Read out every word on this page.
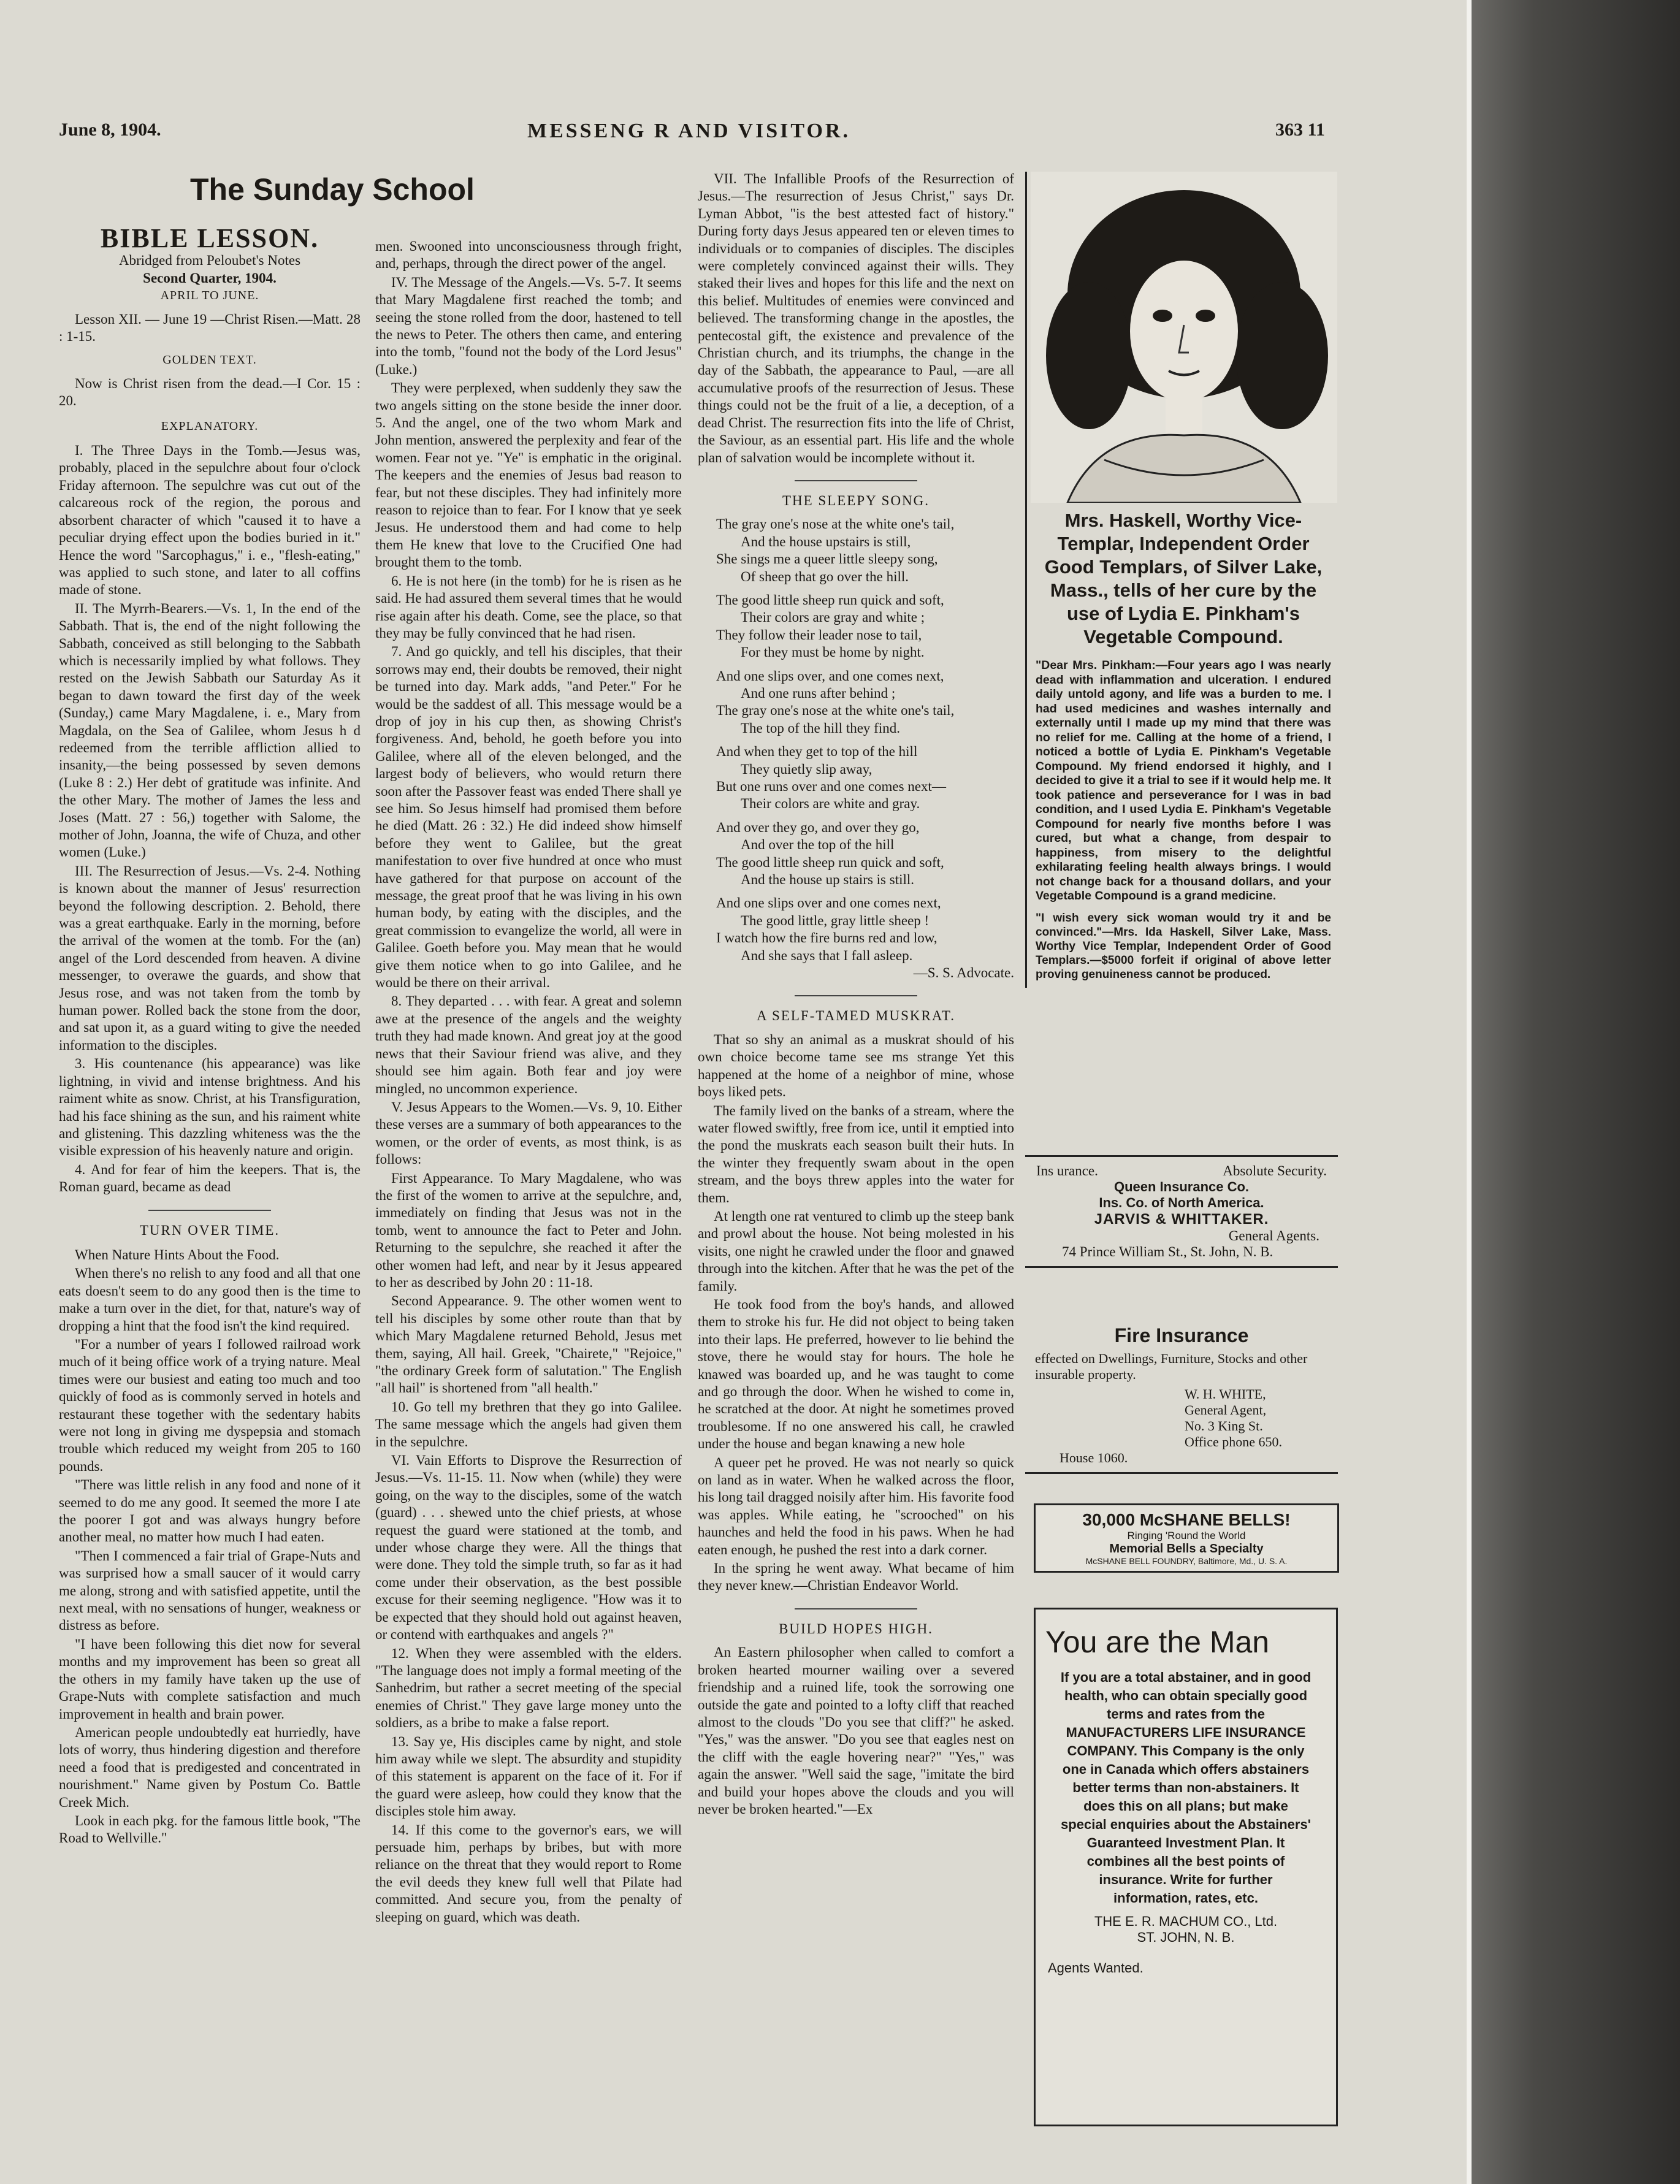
June 8, 1904.	MESSENG R AND VISITOR.	363 11
The Sunday School
BIBLE LESSON.
Abridged from Peloubet's Notes
Second Quarter, 1904.
APRIL TO JUNE.

Lesson XII. — June 19 —Christ Risen.—Matt. 28 : 1-15.

GOLDEN TEXT.

Now is Christ risen from the dead.—I Cor. 15 : 20.

EXPLANATORY.

I. The Three Days in the Tomb.—Jesus was, probably, placed in the sepulchre about four o'clock Friday afternoon. The sepulchre was cut out of the calcareous rock of the region, the porous and absorbent character of which "caused it to have a peculiar drying effect upon the bodies buried in it." Hence the word "Sarcophagus," i. e., "flesh-eating," was applied to such stone, and later to all coffins made of stone.

II. The Myrrh-Bearers.—Vs. 1, In the end of the Sabbath. That is, the end of the night following the Sabbath, conceived as still belonging to the Sabbath which is necessarily implied by what follows. They rested on the Jewish Sabbath our Saturday As it began to dawn toward the first day of the week (Sunday,) came Mary Magdalene, i. e., Mary from Magdala, on the Sea of Galilee, whom Jesus h d redeemed from the terrible affliction allied to insanity,—the being possessed by seven demons (Luke 8 : 2.) Her debt of gratitude was infinite. And the other Mary. The mother of James the less and Joses (Matt. 27 : 56,) together with Salome, the mother of John, Joanna, the wife of Chuza, and other women (Luke.)

III. The Resurrection of Jesus.—Vs. 2-4. Nothing is known about the manner of Jesus' resurrection beyond the following description. 2. Behold, there was a great earthquake. Early in the morning, before the arrival of the women at the tomb. For the (an) angel of the Lord descended from heaven. A divine messenger, to overawe the guards, and show that Jesus rose, and was not taken from the tomb by human power. Rolled back the stone from the door, and sat upon it, as a guard witing to give the needed information to the disciples.

3. His countenance (his appearance) was like lightning, in vivid and intense brightness. And his raiment white as snow. Christ, at his Transfiguration, had his face shining as the sun, and his raiment white and glistening. This dazzling whiteness was the the visible expression of his heavenly nature and origin.

4. And for fear of him the keepers. That is, the Roman guard, became as dead

TURN OVER TIME.

When Nature Hints About the Food.

When there's no relish to any food and all that one eats doesn't seem to do any good then is the time to make a turn over in the diet, for that, nature's way of dropping a hint that the food isn't the kind required.

"For a number of years I followed railroad work much of it being office work of a trying nature. Meal times were our busiest and eating too much and too quickly of food as is commonly served in hotels and restaurant these together with the sedentary habits were not long in giving me dyspepsia and stomach trouble which reduced my weight from 205 to 160 pounds.

"There was little relish in any food and none of it seemed to do me any good. It seemed the more I ate the poorer I got and was always hungry before another meal, no matter how much I had eaten.

"Then I commenced a fair trial of Grape-Nuts and was surprised how a small saucer of it would carry me along, strong and with satisfied appetite, until the next meal, with no sensations of hunger, weakness or distress as before.

"I have been following this diet now for several months and my improvement has been so great all the others in my family have taken up the use of Grape-Nuts with complete satisfaction and much improvement in health and brain power.

American people undoubtedly eat hurriedly, have lots of worry, thus hindering digestion and therefore need a food that is predigested and concentrated in nourishment." Name given by Postum Co. Battle Creek Mich.

Look in each pkg. for the famous little book, "The Road to Wellville."

men. Swooned into unconsciousness through fright, and, perhaps, through the direct power of the angel.

IV. The Message of the Angels.—Vs. 5-7. It seems that Mary Magdalene first reached the tomb; and seeing the stone rolled from the door, hastened to tell the news to Peter. The others then came, and entering into the tomb, "found not the body of the Lord Jesus" (Luke.)

They were perplexed, when suddenly they saw the two angels sitting on the stone beside the inner door. 5. And the angel, one of the two whom Mark and John mention, answered the perplexity and fear of the women. Fear not ye. "Ye" is emphatic in the original. The keepers and the enemies of Jesus bad reason to fear, but not these disciples. They had infinitely more reason to rejoice than to fear. For I know that ye seek Jesus. He understood them and had come to help them He knew that love to the Crucified One had brought them to the tomb.

6. He is not here (in the tomb) for he is risen as he said. He had assured them several times that he would rise again after his death. Come, see the place, so that they may be fully convinced that he had risen.

7. And go quickly, and tell his disciples, that their sorrows may end, their doubts be removed, their night be turned into day. Mark adds, "and Peter." For he would be the saddest of all. This message would be a drop of joy in his cup then, as showing Christ's forgiveness. And, behold, he goeth before you into Galilee, where all of the eleven belonged, and the largest body of believers, who would return there soon after the Passover feast was ended There shall ye see him. So Jesus himself had promised them before he died (Matt. 26 : 32.) He did indeed show himself before they went to Galilee, but the great manifestation to over five hundred at once who must have gathered for that purpose on account of the message, the great proof that he was living in his own human body, by eating with the disciples, and the great commission to evangelize the world, all were in Galilee. Goeth before you. May mean that he would give them notice when to go into Galilee, and he would be there on their arrival.

8. They departed . . . with fear. A great and solemn awe at the presence of the angels and the weighty truth they had made known. And great joy at the good news that their Saviour friend was alive, and they should see him again. Both fear and joy were mingled, no uncommon experience.

V. Jesus Appears to the Women.—Vs. 9, 10. Either these verses are a summary of both appearances to the women, or the order of events, as most think, is as follows:

First Appearance. To Mary Magdalene, who was the first of the women to arrive at the sepulchre, and, immediately on finding that Jesus was not in the tomb, went to announce the fact to Peter and John. Returning to the sepulchre, she reached it after the other women had left, and near by it Jesus appeared to her as described by John 20 : 11-18.

Second Appearance. 9. The other women went to tell his disciples by some other route than that by which Mary Magdalene returned Behold, Jesus met them, saying, All hail. Greek, "Chairete," "Rejoice," "the ordinary Greek form of salutation." The English "all hail" is shortened from "all health."

10. Go tell my brethren that they go into Galilee. The same message which the angels had given them in the sepulchre.

VI. Vain Efforts to Disprove the Resurrection of Jesus.—Vs. 11-15. 11. Now when (while) they were going, on the way to the disciples, some of the watch (guard) . . . shewed unto the chief priests, at whose request the guard were stationed at the tomb, and under whose charge they were. All the things that were done. They told the simple truth, so far as it had come under their observation, as the best possible excuse for their seeming negligence. "How was it to be expected that they should hold out against heaven, or contend with earthquakes and angels ?"

12. When they were assembled with the elders. "The language does not imply a formal meeting of the Sanhedrim, but rather a secret meeting of the special enemies of Christ." They gave large money unto the soldiers, as a bribe to make a false report.

13. Say ye, His disciples came by night, and stole him away while we slept. The absurdity and stupidity of this statement is apparent on the face of it. For if the guard were asleep, how could they know that the disciples stole him away.

14. If this come to the governor's ears, we will persuade him, perhaps by bribes, but with more reliance on the threat that they would report to Rome the evil deeds they knew full well that Pilate had committed. And secure you, from the penalty of sleeping on guard, which was death.

VII. The Infallible Proofs of the Resurrection of Jesus.—The resurrection of Jesus Christ," says Dr. Lyman Abbot, "is the best attested fact of history." During forty days Jesus appeared ten or eleven times to individuals or to companies of disciples. The disciples were completely convinced against their wills. They staked their lives and hopes for this life and the next on this belief. Multitudes of enemies were convinced and believed. The transforming change in the apostles, the pentecostal gift, the existence and prevalence of the Christian church, and its triumphs, the change in the day of the Sabbath, the appearance to Paul, —are all accumulative proofs of the resurrection of Jesus. These things could not be the fruit of a lie, a deception, of a dead Christ. The resurrection fits into the life of Christ, the Saviour, as an essential part. His life and the whole plan of salvation would be incomplete without it.

THE SLEEPY SONG.
The gray one's nose at the white one's tail,
And the house upstairs is still,
She sings me a queer little sleepy song,
Of sheep that go over the hill.
The good little sheep run quick and soft,
Their colors are gray and white ;
They follow their leader nose to tail,
For they must be home by night.
And one slips over, and one comes next,
And one runs after behind ;
The gray one's nose at the white one's tail,
The top of the hill they find.
And when they get to top of the hill
They quietly slip away,
But one runs over and one comes next—
Their colors are white and gray.
And over they go, and over they go,
And over the top of the hill
The good little sheep run quick and soft,
And the house up stairs is still.
And one slips over and one comes next,
The good little, gray little sheep !
I watch how the fire burns red and low,
And she says that I fall asleep.
—S. S. Advocate.
A SELF-TAMED MUSKRAT.

That so shy an animal as a muskrat should of his own choice become tame see ms strange Yet this happened at the home of a neighbor of mine, whose boys liked pets.

The family lived on the banks of a stream, where the water flowed swiftly, free from ice, until it emptied into the pond the muskrats each season built their huts. In the winter they frequently swam about in the open stream, and the boys threw apples into the water for them.

At length one rat ventured to climb up the steep bank and prowl about the house. Not being molested in his visits, one night he crawled under the floor and gnawed through into the kitchen. After that he was the pet of the family.

He took food from the boy's hands, and allowed them to stroke his fur. He did not object to being taken into their laps. He preferred, however to lie behind the stove, there he would stay for hours. The hole he knawed was boarded up, and he was taught to come and go through the door. When he wished to come in, he scratched at the door. At night he sometimes proved troublesome. If no one answered his call, he crawled under the house and began knawing a new hole

A queer pet he proved. He was not nearly so quick on land as in water. When he walked across the floor, his long tail dragged noisily after him. His favorite food was apples. While eating, he "scrooched" on his haunches and held the food in his paws. When he had eaten enough, he pushed the rest into a dark corner.

In the spring he went away. What became of him they never knew.—Christian Endeavor World.

BUILD HOPES HIGH.

An Eastern philosopher when called to comfort a broken hearted mourner wailing over a severed friendship and a ruined life, took the sorrowing one outside the gate and pointed to a lofty cliff that reached almost to the clouds "Do you see that cliff?" he asked. "Yes," was the answer. "Do you see that eagles nest on the cliff with the eagle hovering near?" "Yes," was again the answer. "Well said the sage, "imitate the bird and build your hopes above the clouds and you will never be broken hearted."—Ex

Mrs. Haskell, Worthy Vice-Templar, Independent Order Good Templars, of Silver Lake, Mass., tells of her cure by the use of Lydia E. Pinkham's Vegetable Compound.
"Dear Mrs. Pinkham:—Four years ago I was nearly dead with inflammation and ulceration. I endured daily untold agony, and life was a burden to me. I had used medicines and washes internally and externally until I made up my mind that there was no relief for me. Calling at the home of a friend, I noticed a bottle of Lydia E. Pinkham's Vegetable Compound. My friend endorsed it highly, and I decided to give it a trial to see if it would help me. It took patience and perseverance for I was in bad condition, and I used Lydia E. Pinkham's Vegetable Compound for nearly five months before I was cured, but what a change, from despair to happiness, from misery to the delightful exhilarating feeling health always brings. I would not change back for a thousand dollars, and your Vegetable Compound is a grand medicine.
"I wish every sick woman would try it and be convinced."—Mrs. Ida Haskell, Silver Lake, Mass. Worthy Vice Templar, Independent Order of Good Templars.—$5000 forfeit if original of above letter proving genuineness cannot be produced.
Ins urance.	Absolute Security.
Queen Insurance Co.
Ins. Co. of North America.
JARVIS & WHITTAKER.
General Agents.
74 Prince William St., St. John, N. B.
Fire Insurance
effected on Dwellings, Furniture, Stocks and other insurable property.
W. H. WHITE,
General Agent,
No. 3 King St.
Office phone 650.
House 1060.
30,000 McSHANE BELLS!
Ringing 'Round the World
Memorial Bells a Specialty
McSHANE BELL FOUNDRY, Baltimore, Md., U. S. A.
You are the Man
If you are a total abstainer, and in good health, who can obtain specially good terms and rates from the MANUFACTURERS LIFE INSURANCE COMPANY. This Company is the only one in Canada which offers abstainers better terms than non-abstainers. It does this on all plans; but make special enquiries about the Abstainers' Guaranteed Investment Plan. It combines all the best points of insurance. Write for further information, rates, etc.
THE E. R. MACHUM CO., Ltd.
ST. JOHN, N. B.
Agents Wanted.
